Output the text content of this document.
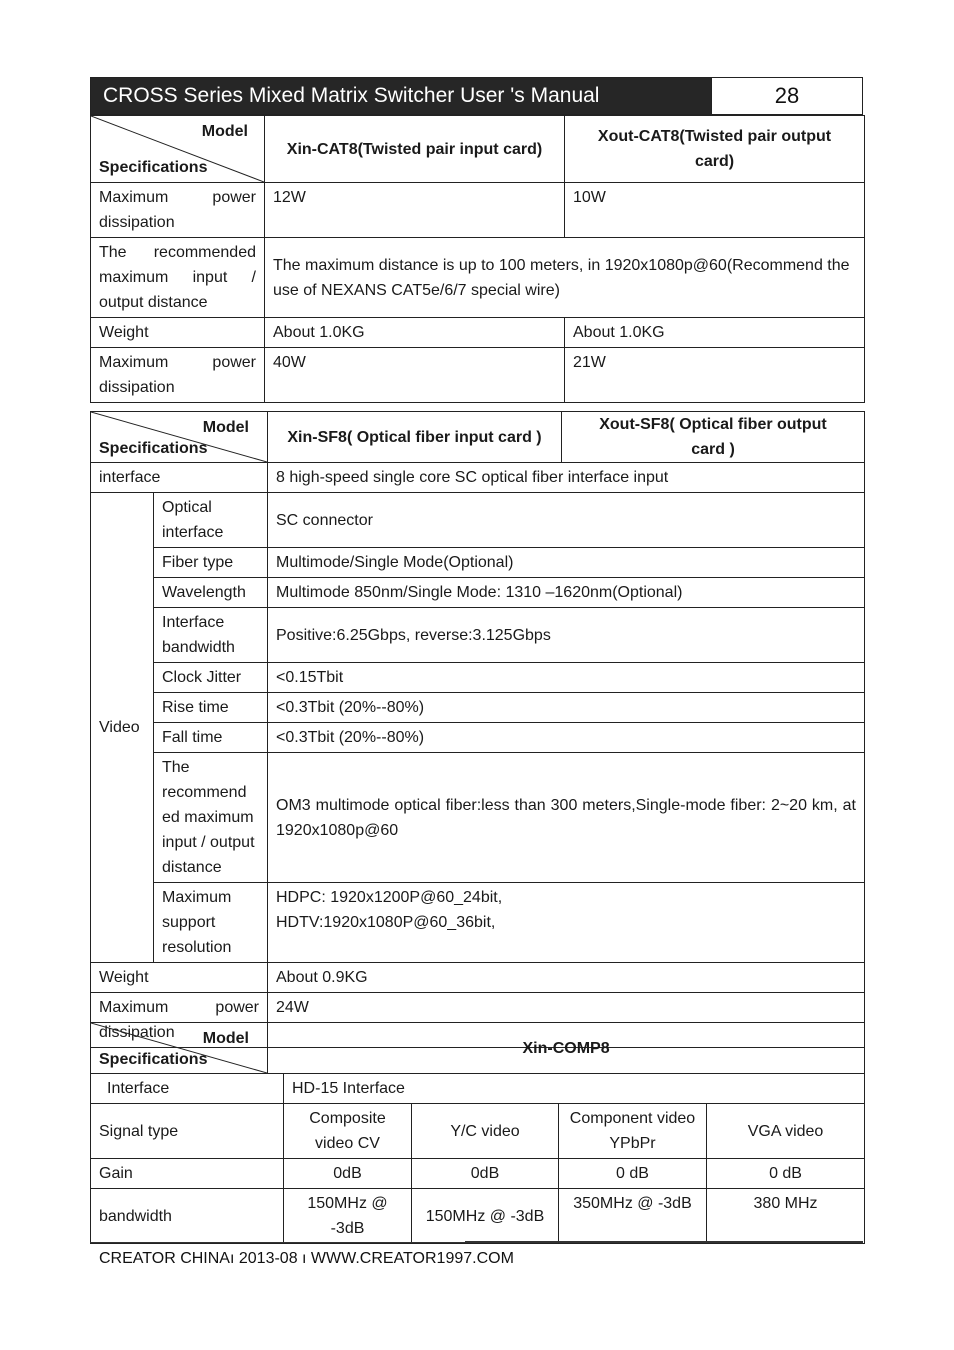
CROSS Series Mixed Matrix Switcher User 's Manual	28
Model
Specifications	Xin-CAT8(Twisted pair input card)	Xout-CAT8(Twisted pair output card)
Maximum power dissipation	12W	10W
The recommended maximum input / output distance	The maximum distance is up to 100 meters, in 1920x1080p@60(Recommend the use of NEXANS CAT5e/6/7 special wire)	
Weight	About 1.0KG	About 1.0KG
Maximum power dissipation	40W	21W
Model
Specifications		Xin-SF8( Optical fiber input card )	Xout-SF8( Optical fiber output card )
interface		8 high-speed single core SC optical fiber interface input	
Video	Optical interface	SC connector	
	Fiber type	Multimode/Single Mode(Optional)	
	Wavelength	Multimode 850nm/Single Mode: 1310 –1620nm(Optional)	
	Interface bandwidth	Positive:6.25Gbps, reverse:3.125Gbps	
	Clock Jitter	<0.15Tbit	
	Rise time	<0.3Tbit (20%--80%)	
	Fall time	<0.3Tbit (20%--80%)	
	The recommend ed maximum input / output distance	OM3 multimode optical fiber:less than 300 meters,Single-mode fiber: 2~20 km, at 1920x1080p@60	
	Maximum support resolution	HDPC: 1920x1200P@60_24bit,
HDTV:1920x1080P@60_36bit,	

Weight		About 0.9KG	
Maximum power dissipation		24W	
Model
Specifications	Xin-COMP8				
Interface		HD-15 Interface			
Signal type		Composite video CV	Y/C video	Component video YPbPr	VGA video
Gain		0dB	0dB	0 dB	0 dB
bandwidth		150MHz @ -3dB	150MHz @ -3dB	350MHz @ -3dB	380 MHz
CREATOR CHINAı 2013-08 ı WWW.CREATOR1997.COM
